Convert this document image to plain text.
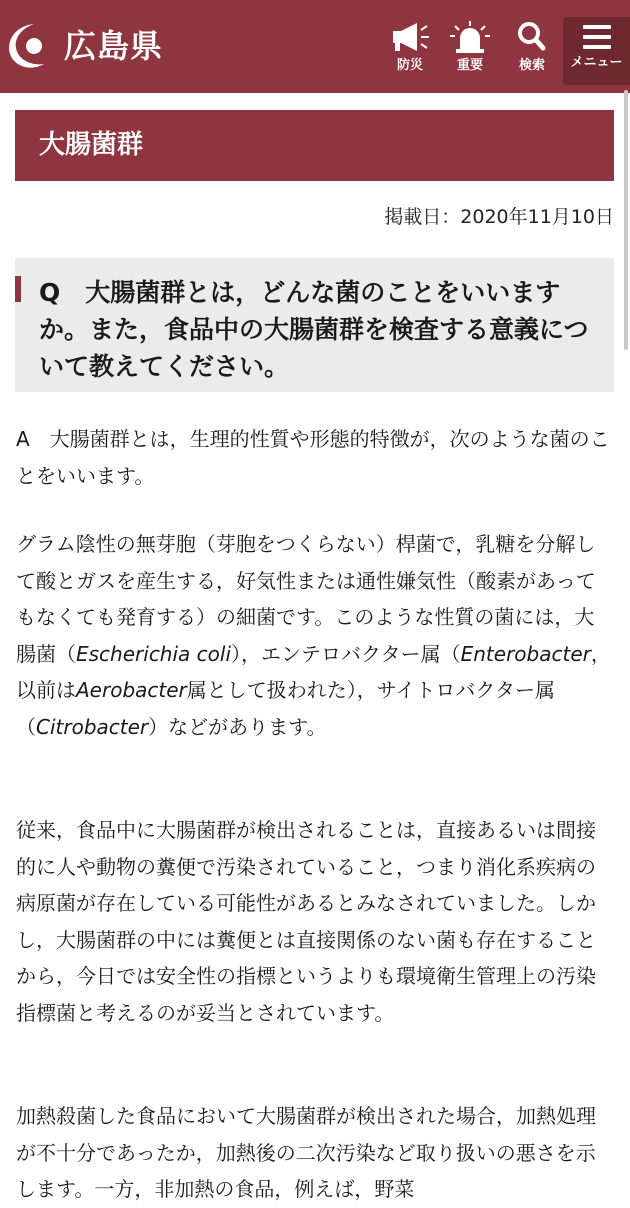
広島県
防災	重要	検索	メニュー
大腸菌群
掲載日：2020年11月10日
Q　大腸菌群とは，どんな菌のことをいいますか。また，食品中の大腸菌群を検査する意義について教えてください。
A　大腸菌群とは，生理的性質や形態的特徴が，次のような菌のことをいいます。
グラム陰性の無芽胞（芽胞をつくらない）桿菌で，乳糖を分解して酸とガスを産生する，好気性または通性嫌気性（酸素があってもなくても発育する）の細菌です。このような性質の菌には，大腸菌（Escherichia coli），エンテロバクター属（Enterobacter，以前はAerobacter属として扱われた），サイトロバクター属（Citrobacter）などがあります。
従来，食品中に大腸菌群が検出されることは，直接あるいは間接的に人や動物の糞便で汚染されていること，つまり消化系疾病の病原菌が存在している可能性があるとみなされていました。しかし，大腸菌群の中には糞便とは直接関係のない菌も存在することから，今日では安全性の指標というよりも環境衛生管理上の汚染指標菌と考えるのが妥当とされています。
加熱殺菌した食品において大腸菌群が検出された場合，加熱処理が不十分であったか，加熱後の二次汚染など取り扱いの悪さを示します。一方，非加熱の食品，例えば，野菜
